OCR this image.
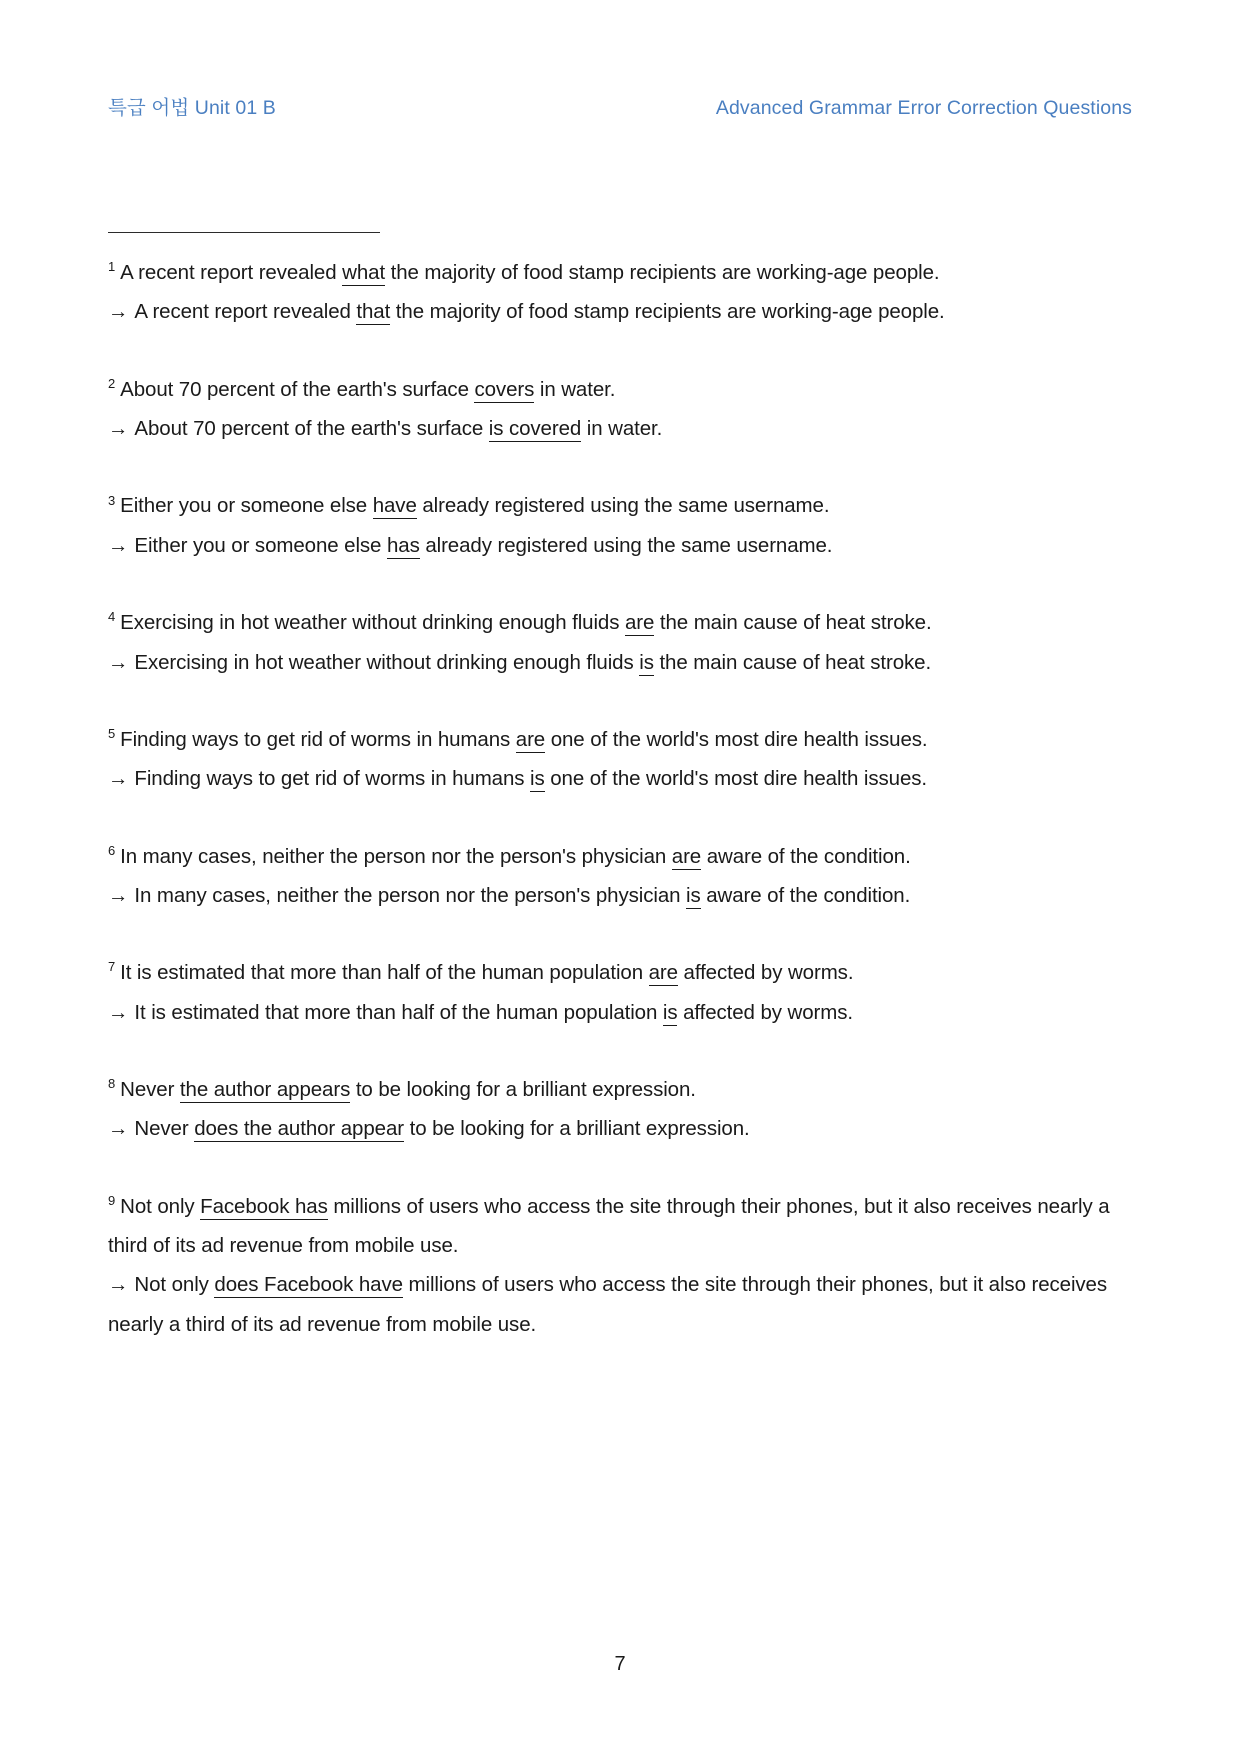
특급 어법 Unit 01 B	Advanced Grammar Error Correction Questions
$^1$ A recent report revealed what the majority of food stamp recipients are working-age people.
→ A recent report revealed that the majority of food stamp recipients are working-age people.
$^2$ About 70 percent of the earth's surface covers in water.
→ About 70 percent of the earth's surface is covered in water.
$^3$ Either you or someone else have already registered using the same username.
→ Either you or someone else has already registered using the same username.
$^4$ Exercising in hot weather without drinking enough fluids are the main cause of heat stroke.
→ Exercising in hot weather without drinking enough fluids is the main cause of heat stroke.
$^5$ Finding ways to get rid of worms in humans are one of the world's most dire health issues.
→ Finding ways to get rid of worms in humans is one of the world's most dire health issues.
$^6$ In many cases, neither the person nor the person's physician are aware of the condition.
→ In many cases, neither the person nor the person's physician is aware of the condition.
$^7$ It is estimated that more than half of the human population are affected by worms.
→ It is estimated that more than half of the human population is affected by worms.
$^8$ Never the author appears to be looking for a brilliant expression.
→ Never does the author appear to be looking for a brilliant expression.
$^9$ Not only Facebook has millions of users who access the site through their phones, but it also receives nearly a third of its ad revenue from mobile use.
→ Not only does Facebook have millions of users who access the site through their phones, but it also receives nearly a third of its ad revenue from mobile use.
7
